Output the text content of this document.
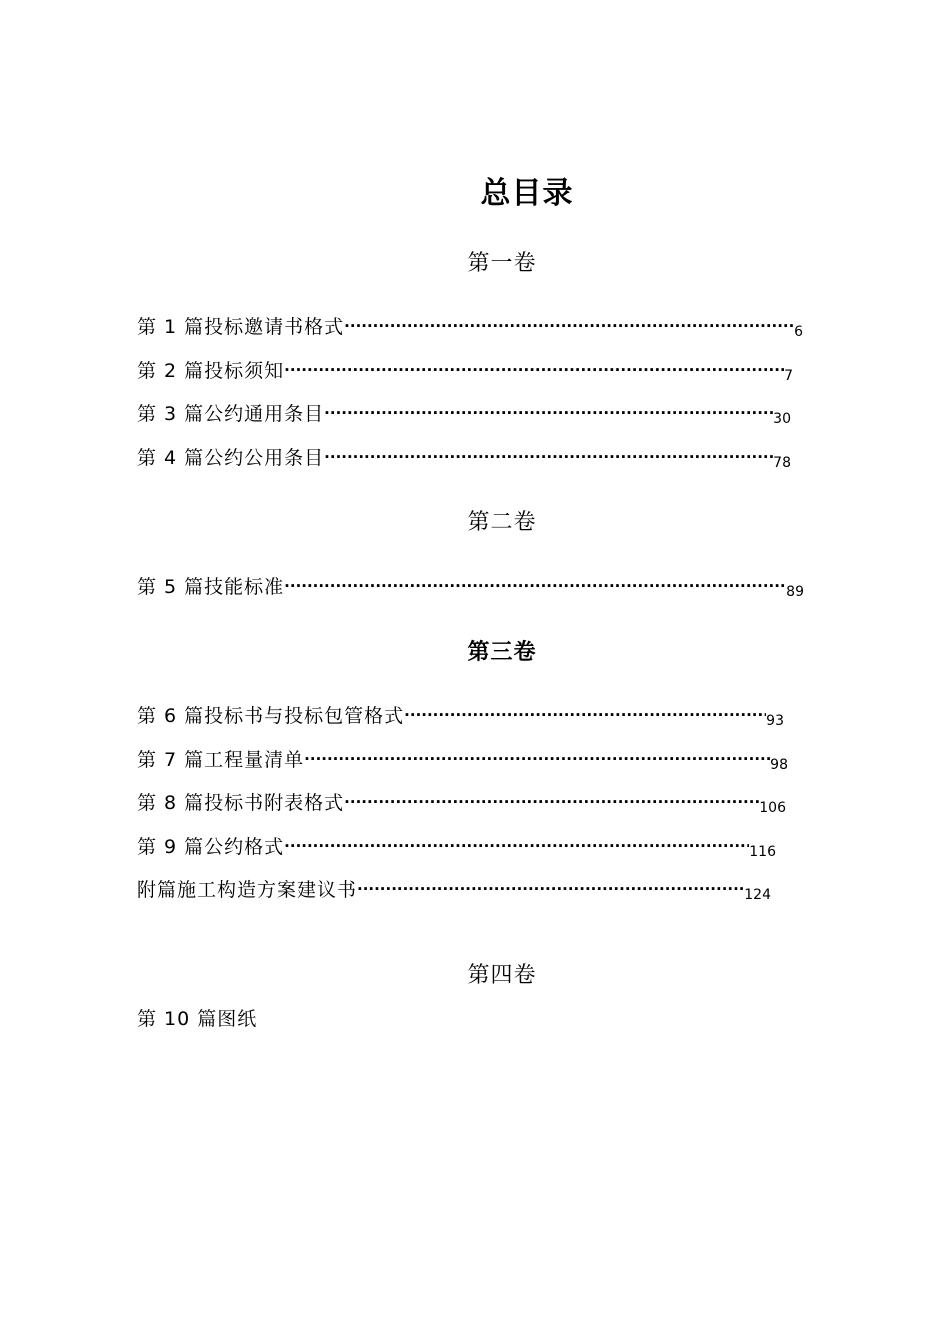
总目录
第一卷
第 1 篇投标邀请书格式 ·····	6
第 2 篇投标须知 ·····	7
第 3 篇公约通用条目 ·····	30
第 4 篇公约公用条目 ·····	78
第二卷
第 5 篇技能标准 ·····	89
第三卷
第 6 篇投标书与投标包管格式 ·····	93
第 7 篇工程量清单 ·····	98
第 8 篇投标书附表格式 ·····	106
第 9 篇公约格式 ·····	116
附篇施工构造方案建议书 ·····	124
第四卷
第 10 篇图纸
